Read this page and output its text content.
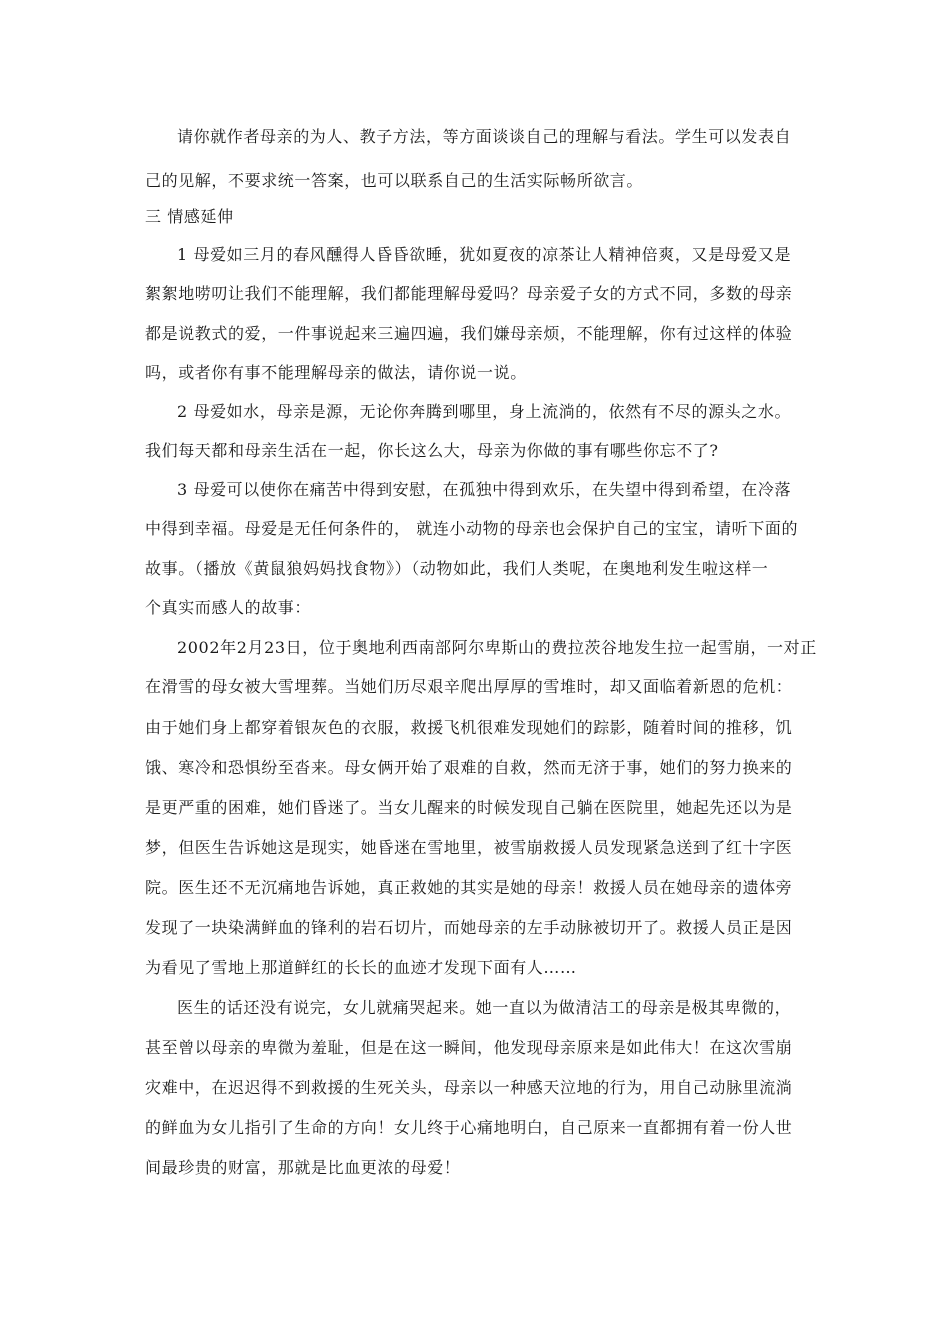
请你就作者母亲的为人、教子方法，等方面谈谈自己的理解与看法。学生可以发表自
己的见解，不要求统一答案，也可以联系自己的生活实际畅所欲言。
三 情感延伸
1 母爱如三月的春风醺得人昏昏欲睡，犹如夏夜的凉茶让人精神倍爽，又是母爱又是
絮絮地唠叨让我们不能理解，我们都能理解母爱吗？母亲爱子女的方式不同，多数的母亲
都是说教式的爱，一件事说起来三遍四遍，我们嫌母亲烦，不能理解，你有过这样的体验
吗，或者你有事不能理解母亲的做法，请你说一说。
2 母爱如水，母亲是源，无论你奔腾到哪里，身上流淌的，依然有不尽的源头之水。
我们每天都和母亲生活在一起，你长这么大，母亲为你做的事有哪些你忘不了?
3 母爱可以使你在痛苦中得到安慰，在孤独中得到欢乐，在失望中得到希望，在冷落
中得到幸福。母爱是无任何条件的， 就连小动物的母亲也会保护自己的宝宝，请听下面的
故事。（播放《黄鼠狼妈妈找食物》）（动物如此，我们人类呢，在奥地利发生啦这样一
个真实而感人的故事：
2002年2月23日，位于奥地利西南部阿尔卑斯山的费拉茨谷地发生拉一起雪崩，一对正
在滑雪的母女被大雪埋葬。当她们历尽艰辛爬出厚厚的雪堆时，却又面临着新恩的危机：
由于她们身上都穿着银灰色的衣服，救援飞机很难发现她们的踪影，随着时间的推移，饥
饿、寒冷和恐惧纷至沓来。母女俩开始了艰难的自救，然而无济于事，她们的努力换来的
是更严重的困难，她们昏迷了。当女儿醒来的时候发现自己躺在医院里，她起先还以为是
梦，但医生告诉她这是现实，她昏迷在雪地里，被雪崩救援人员发现紧急送到了红十字医
院。医生还不无沉痛地告诉她，真正救她的其实是她的母亲！救援人员在她母亲的遗体旁
发现了一块染满鲜血的锋利的岩石切片，而她母亲的左手动脉被切开了。救援人员正是因
为看见了雪地上那道鲜红的长长的血迹才发现下面有人……
医生的话还没有说完，女儿就痛哭起来。她一直以为做清洁工的母亲是极其卑微的，
甚至曾以母亲的卑微为羞耻，但是在这一瞬间，他发现母亲原来是如此伟大！在这次雪崩
灾难中，在迟迟得不到救援的生死关头，母亲以一种感天泣地的行为，用自己动脉里流淌
的鲜血为女儿指引了生命的方向！女儿终于心痛地明白，自己原来一直都拥有着一份人世
间最珍贵的财富，那就是比血更浓的母爱！
